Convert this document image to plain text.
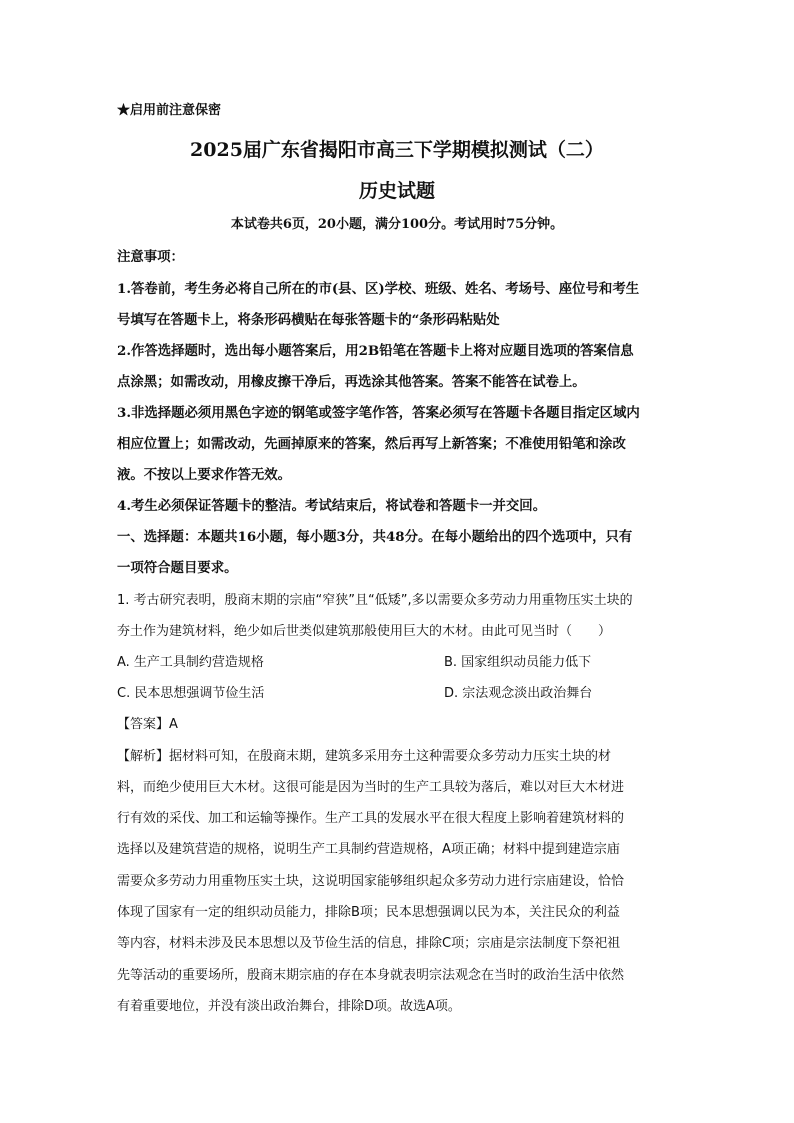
★启用前注意保密
2025届广东省揭阳市高三下学期模拟测试（二）
历史试题
本试卷共6页，20小题，满分100分。考试用时75分钟。
注意事项：
1.答卷前，考生务必将自己所在的市(县、区)学校、班级、姓名、考场号、座位号和考生
号填写在答题卡上，将条形码横贴在每张答题卡的“条形码粘贴处
2.作答选择题时，选出每小题答案后，用2B铅笔在答题卡上将对应题目选项的答案信息
点涂黑；如需改动，用橡皮擦干净后，再选涂其他答案。答案不能答在试卷上。
3.非选择题必须用黑色字迹的钢笔或签字笔作答，答案必须写在答题卡各题目指定区域内
相应位置上；如需改动，先画掉原来的答案，然后再写上新答案；不准使用铅笔和涂改
液。不按以上要求作答无效。
4.考生必须保证答题卡的整洁。考试结束后，将试卷和答题卡一并交回。
一、选择题：本题共16小题，每小题3分，共48分。在每小题给出的四个选项中，只有
一项符合题目要求。
1. 考古研究表明，殷商末期的宗庙“窄狭”且“低矮”,多以需要众多劳动力用重物压实土块的
夯土作为建筑材料，绝少如后世类似建筑那般使用巨大的木材。由此可见当时（　　）
A. 生产工具制约营造规格	B. 国家组织动员能力低下
C. 民本思想强调节俭生活	D. 宗法观念淡出政治舞台
【答案】A
【解析】据材料可知，在殷商末期，建筑多采用夯土这种需要众多劳动力压实土块的材
料，而绝少使用巨大木材。这很可能是因为当时的生产工具较为落后，难以对巨大木材进
行有效的采伐、加工和运输等操作。生产工具的发展水平在很大程度上影响着建筑材料的
选择以及建筑营造的规格，说明生产工具制约营造规格，A项正确；材料中提到建造宗庙
需要众多劳动力用重物压实土块，这说明国家能够组织起众多劳动力进行宗庙建设，恰恰
体现了国家有一定的组织动员能力，排除B项；民本思想强调以民为本，关注民众的利益
等内容，材料未涉及民本思想以及节俭生活的信息，排除C项；宗庙是宗法制度下祭祀祖
先等活动的重要场所，殷商末期宗庙的存在本身就表明宗法观念在当时的政治生活中依然
有着重要地位，并没有淡出政治舞台，排除D项。故选A项。
